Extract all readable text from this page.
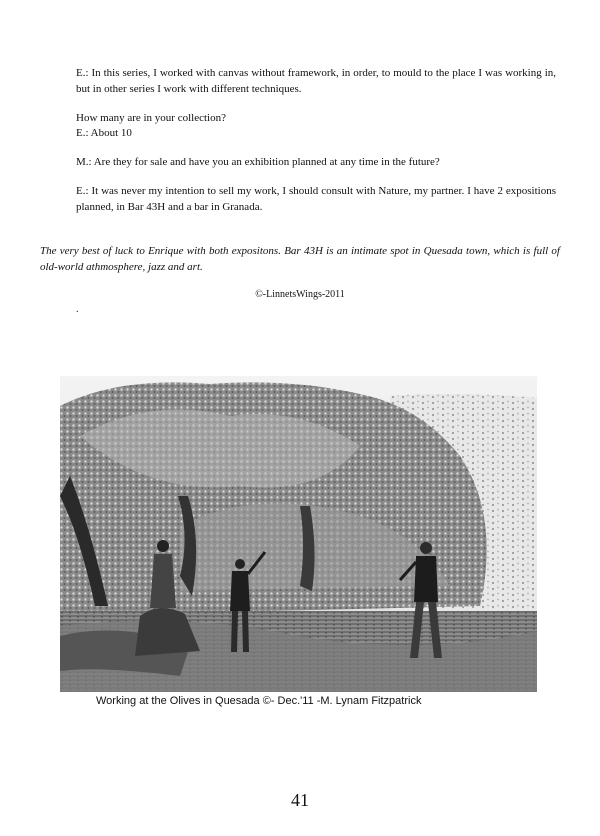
E.: In this series, I worked with canvas without framework, in order, to mould to the place I was working in, but in other series I work with different techniques.

How many are in your collection?

E.: About 10

M.: Are they for sale and have you an exhibition planned at any time in the future?

E.: It was never my intention to sell my work, I should consult with Nature, my partner. I have 2 expositions planned, in Bar 43H and a bar in Granada.

The very best of luck to Enrique with both expositons. Bar 43H is an intimate spot in Quesada town, which is full of old-world athmosphere, jazz and art.

©-LinnetsWings-2011

.

Working at the Olives in Quesada ©- Dec.'11 -M. Lynam Fitzpatrick

41
